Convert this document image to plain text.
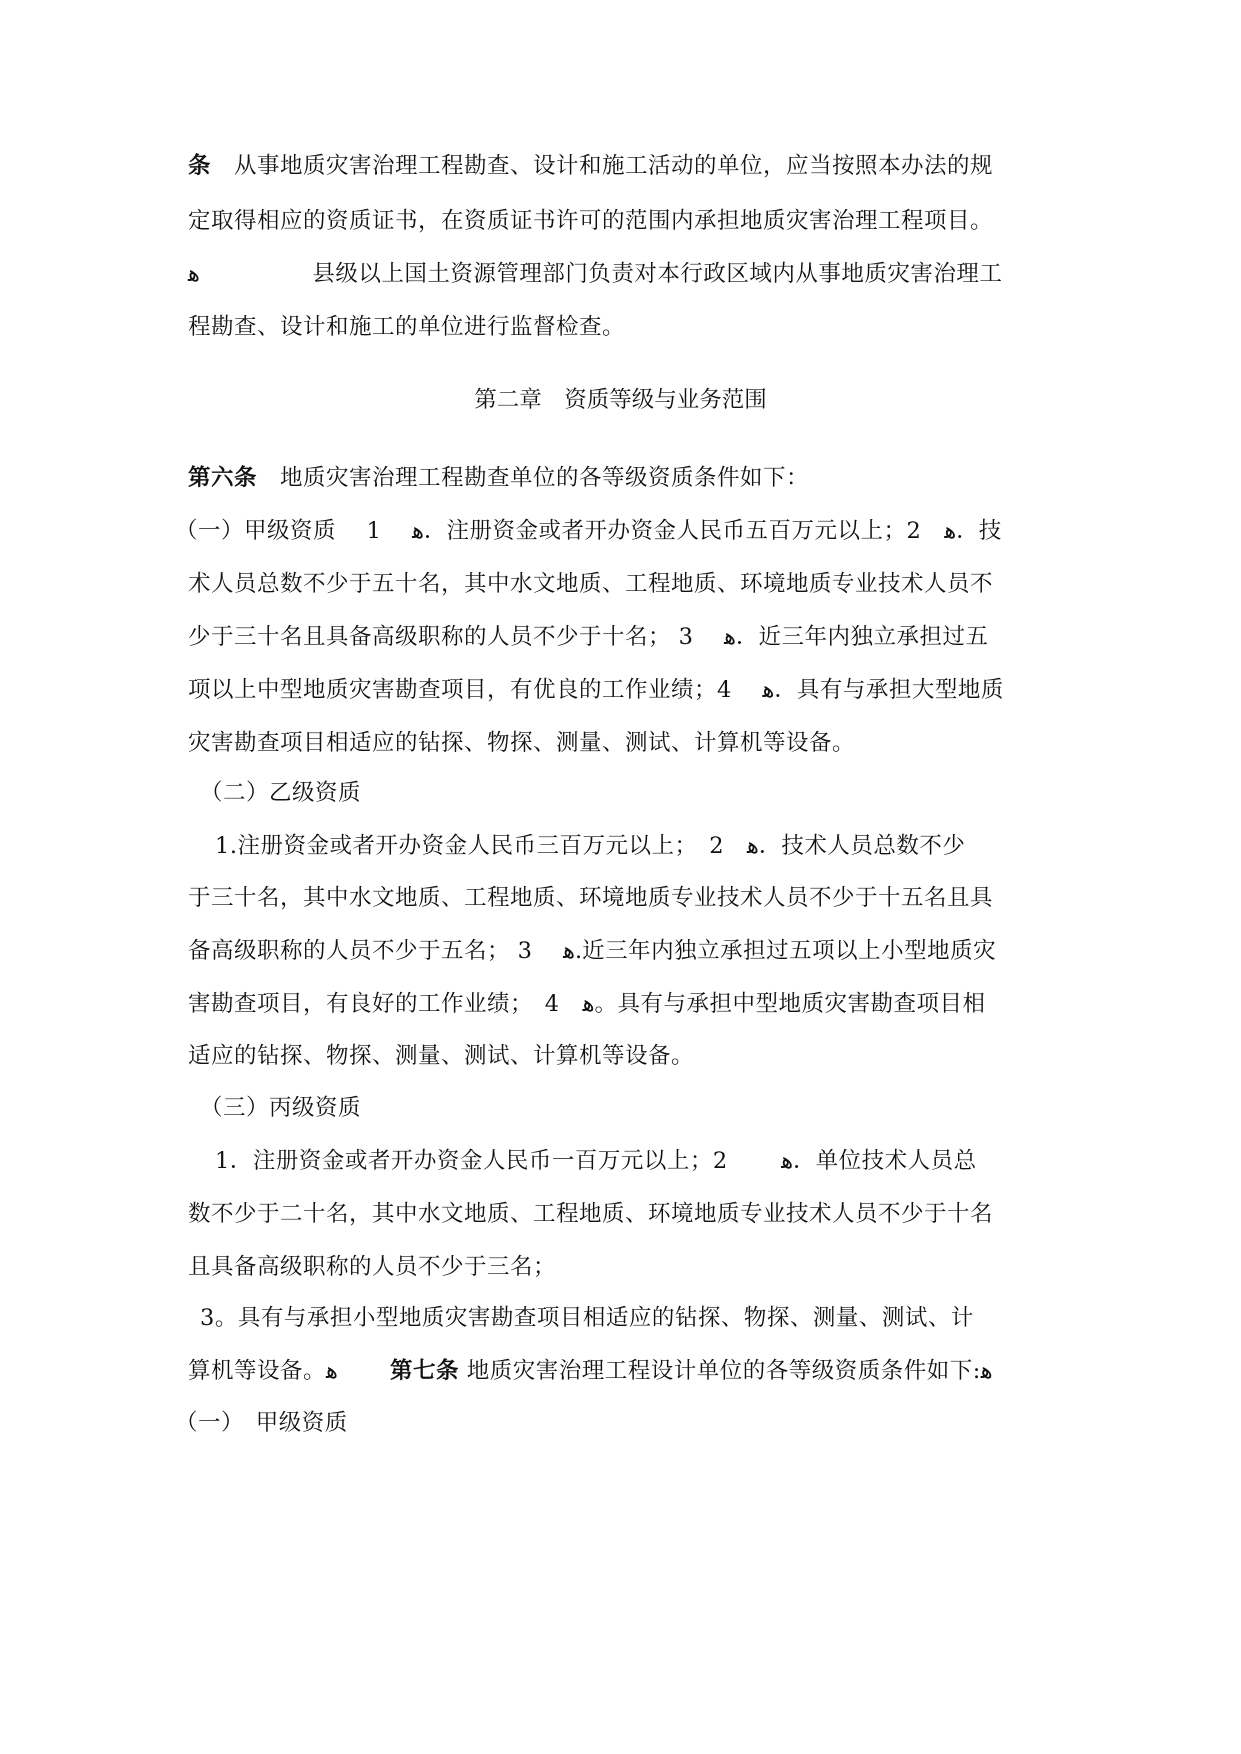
条　从事地质灾害治理工程勘查、设计和施工活动的单位，应当按照本办法的规
定取得相应的资质证书，在资质证书许可的范围内承担地质灾害治理工程项目。
ﻫ　　　　　县级以上国土资源管理部门负责对本行政区域内从事地质灾害治理工
程勘查、设计和施工的单位进行监督检查。
第二章　资质等级与业务范围
第六条　地质灾害治理工程勘查单位的各等级资质条件如下：
（一）甲级资质　 1　 ﻫ．注册资金或者开办资金人民币五百万元以上；2　ﻫ．技
术人员总数不少于五十名，其中水文地质、工程地质、环境地质专业技术人员不
少于三十名且具备高级职称的人员不少于十名； 3　 ﻫ．近三年内独立承担过五
项以上中型地质灾害勘查项目，有优良的工作业绩；4　 ﻫ．具有与承担大型地质
灾害勘查项目相适应的钻探、物探、测量、测试、计算机等设备。
（二）乙级资质
1.注册资金或者开办资金人民币三百万元以上；　2　ﻫ．技术人员总数不少
于三十名，其中水文地质、工程地质、环境地质专业技术人员不少于十五名且具
备高级职称的人员不少于五名； 3　 ﻫ.近三年内独立承担过五项以上小型地质灾
害勘查项目，有良好的工作业绩；　4　ﻫ。具有与承担中型地质灾害勘查项目相
适应的钻探、物探、测量、测试、计算机等设备。
（三）丙级资质
1．注册资金或者开办资金人民币一百万元以上；2　　 ﻫ．单位技术人员总
数不少于二十名，其中水文地质、工程地质、环境地质专业技术人员不少于十名
且具备高级职称的人员不少于三名；
3。具有与承担小型地质灾害勘查项目相适应的钻探、物探、测量、测试、计
算机等设备。ﻫ　　 第七条 地质灾害治理工程设计单位的各等级资质条件如下:ﻫ
（一）　甲级资质
